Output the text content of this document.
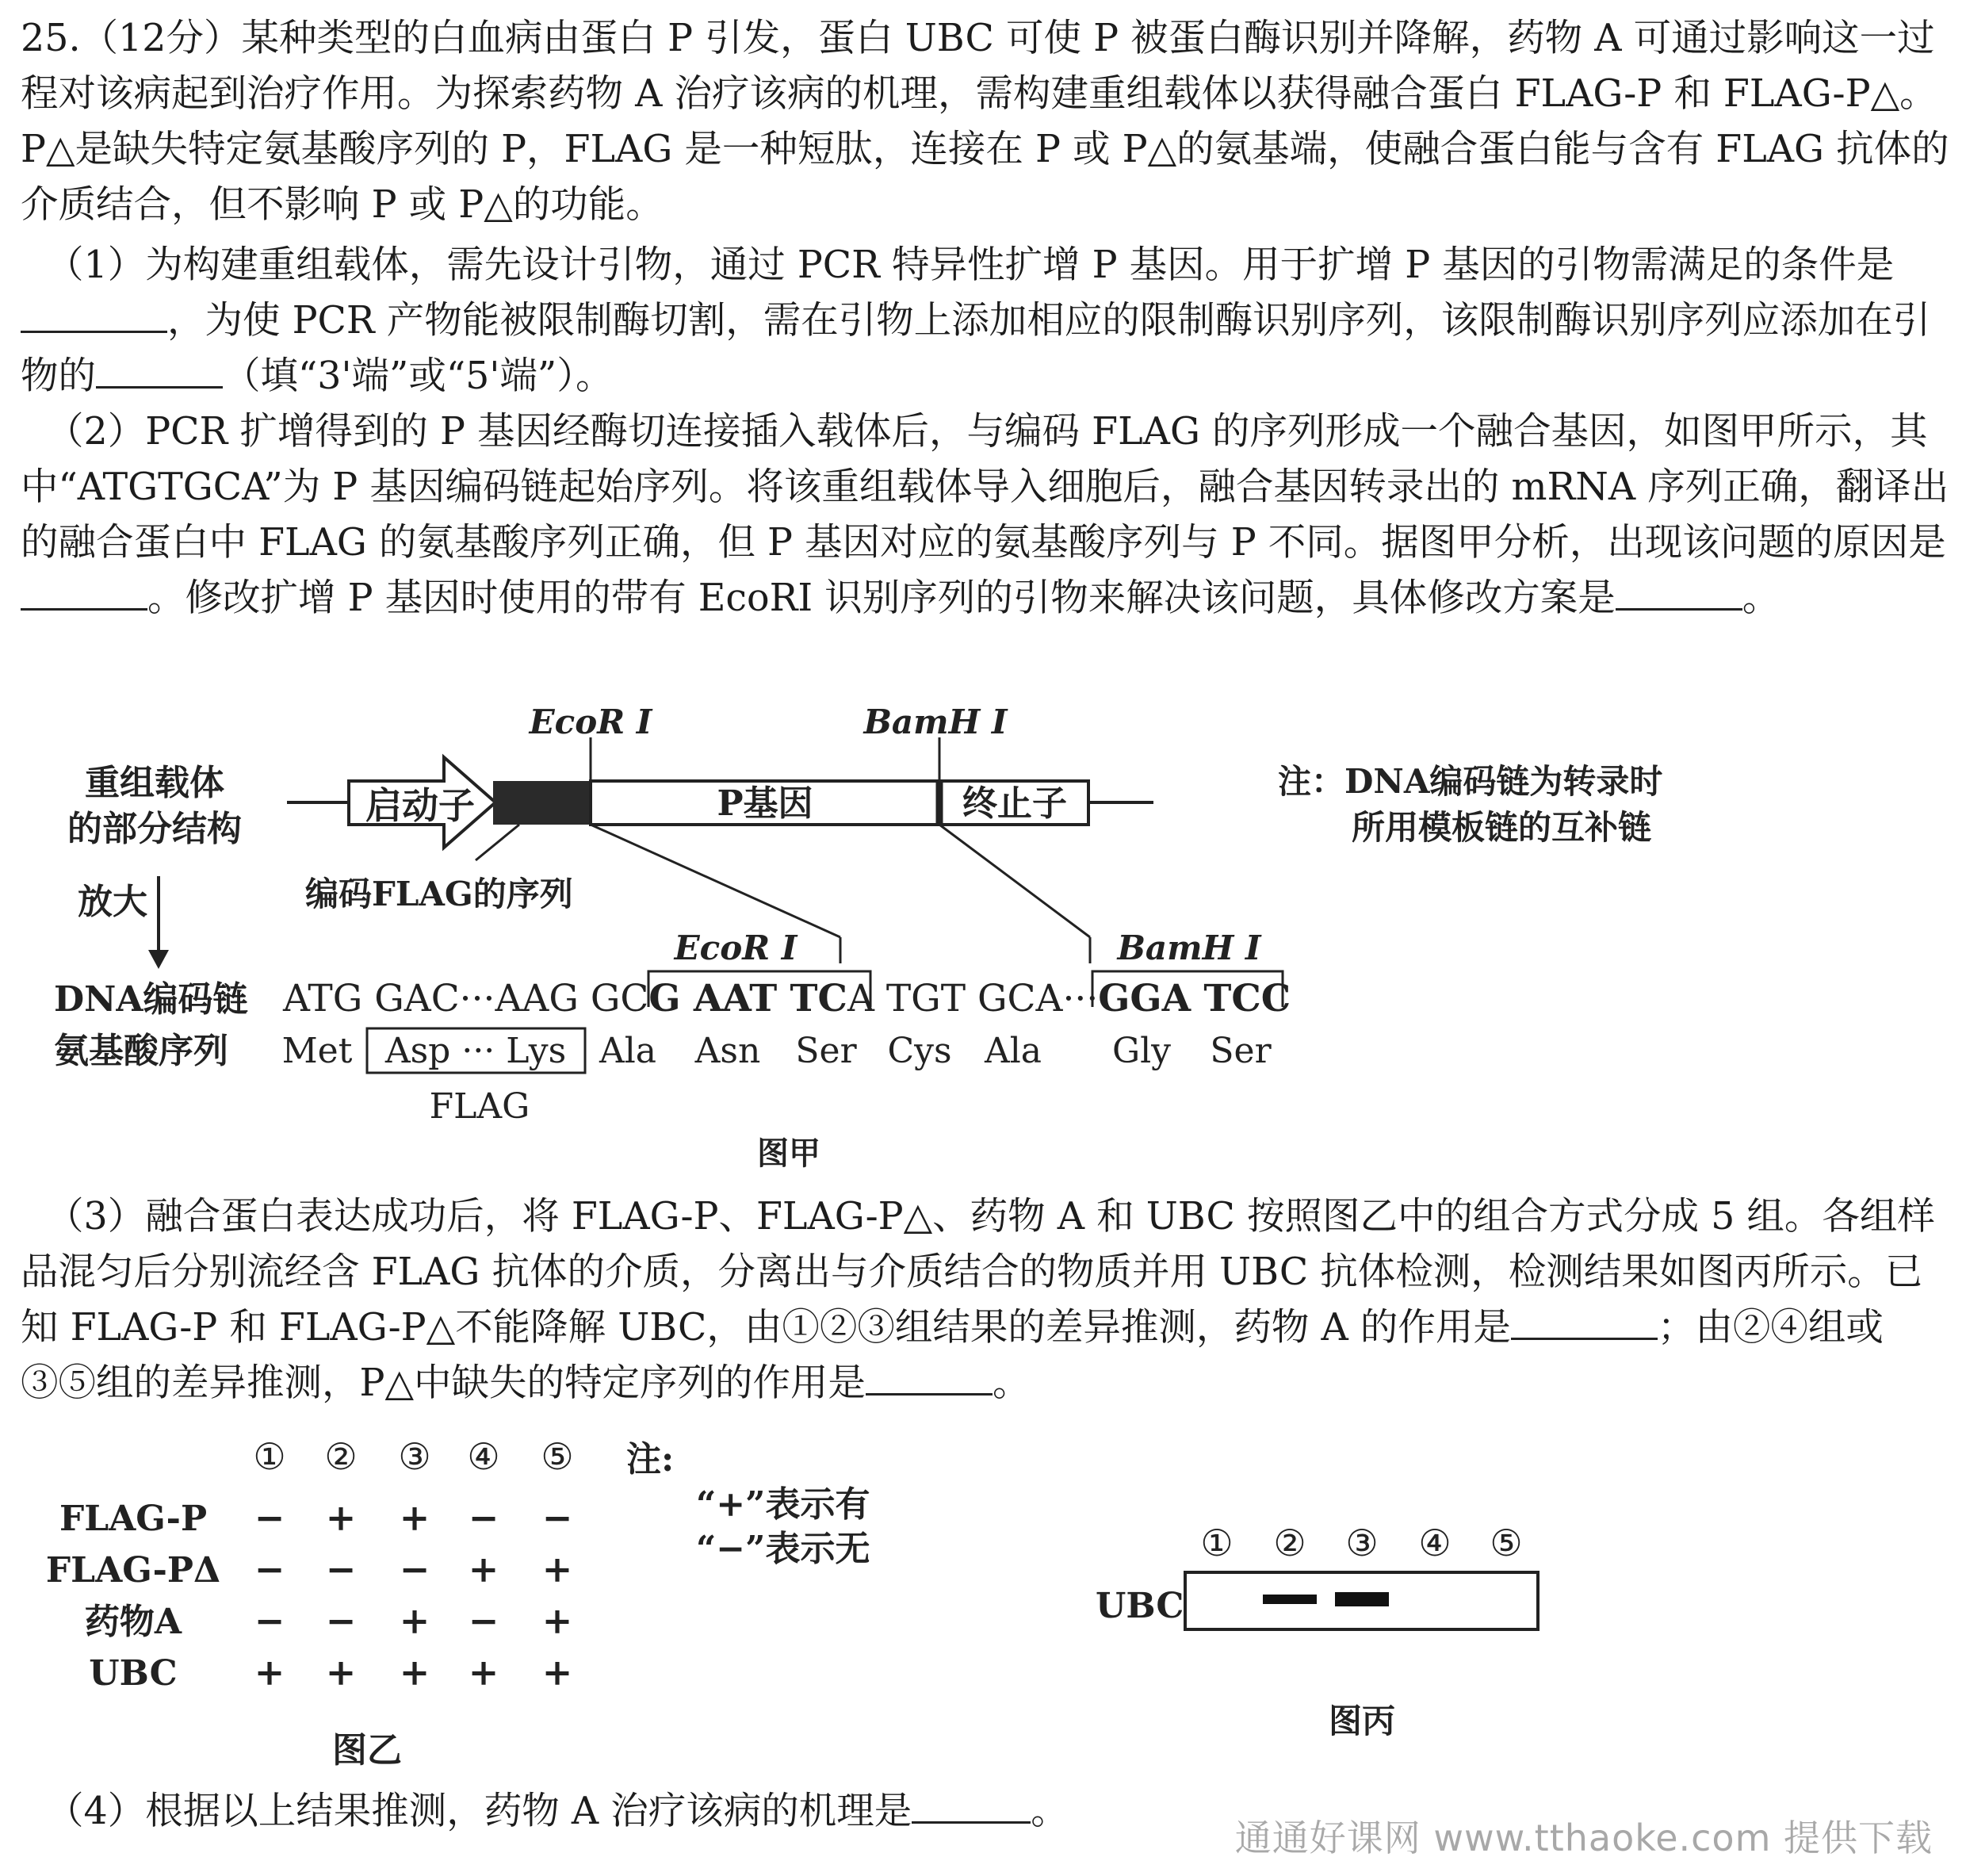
25.（12分）某种类型的白血病由蛋白 P 引发，蛋白 UBC 可使 P 被蛋白酶识别并降解，药物 A 可通过影响这一过程对该病起到治疗作用。为探索药物 A 治疗该病的机理，需构建重组载体以获得融合蛋白 FLAG-P 和 FLAG-P△。P△是缺失特定氨基酸序列的 P，FLAG 是一种短肽，连接在 P 或 P△的氨基端，使融合蛋白能与含有 FLAG 抗体的介质结合，但不影响 P 或 P△的功能。

（1）为构建重组载体，需先设计引物，通过 PCR 特异性扩增 P 基因。用于扩增 P 基因的引物需满足的条件是，为使 PCR 产物能被限制酶切割，需在引物上添加相应的限制酶识别序列，该限制酶识别序列应添加在引物的	（填“3'端”或“5'端”）。

（2）PCR 扩增得到的 P 基因经酶切连接插入载体后，与编码 FLAG 的序列形成一个融合基因，如图甲所示，其中“ATGTGCA”为 P 基因编码链起始序列。将该重组载体导入细胞后，融合基因转录出的 mRNA 序列正确，翻译出的融合蛋白中 FLAG 的氨基酸序列正确，但 P 基因对应的氨基酸序列与 P 不同。据图甲分析，出现该问题的原因是。修改扩增 P 基因时使用的带有 EcoRⅠ 识别序列的引物来解决该问题，具体修改方案是	。

（3）融合蛋白表达成功后，将 FLAG-P、FLAG-P△、药物 A 和 UBC 按照图乙中的组合方式分成 5 组。各组样品混匀后分别流经含 FLAG 抗体的介质，分离出与介质结合的物质并用 UBC 抗体检测，检测结果如图丙所示。已知 FLAG-P 和 FLAG-P△不能降解 UBC，由①②③组结果的差异推测，药物 A 的作用是	；由②④组或③⑤组的差异推测，P△中缺失的特定序列的作用是	。

（4）根据以上结果推测，药物 A 治疗该病的机理是	。

通通好课网 www.tthaoke.com 提供下载
重组载体
的部分结构
启动子	P基因	终止子
EcoR Ⅰ	BamH Ⅰ
编码FLAG的序列
放大
EcoR Ⅰ	BamH Ⅰ
注：DNA编码链为转录时
所用模板链的互补链
DNA编码链
氨基酸序列
ATG GAC···AAG GCG AAT TCA TGT GCA···GGA TCC
Met Asp ··· Lys Ala Asn Ser Cys Ala Gly Ser
FLAG
图甲
① ② ③ ④ ⑤
FLAG-P − + + − −
FLAG-PΔ − − − + +
药物A − − + − +
UBC + + + + +
注:
“+”表示有
“−”表示无
图乙
① ② ③ ④ ⑤
UBC
图丙
